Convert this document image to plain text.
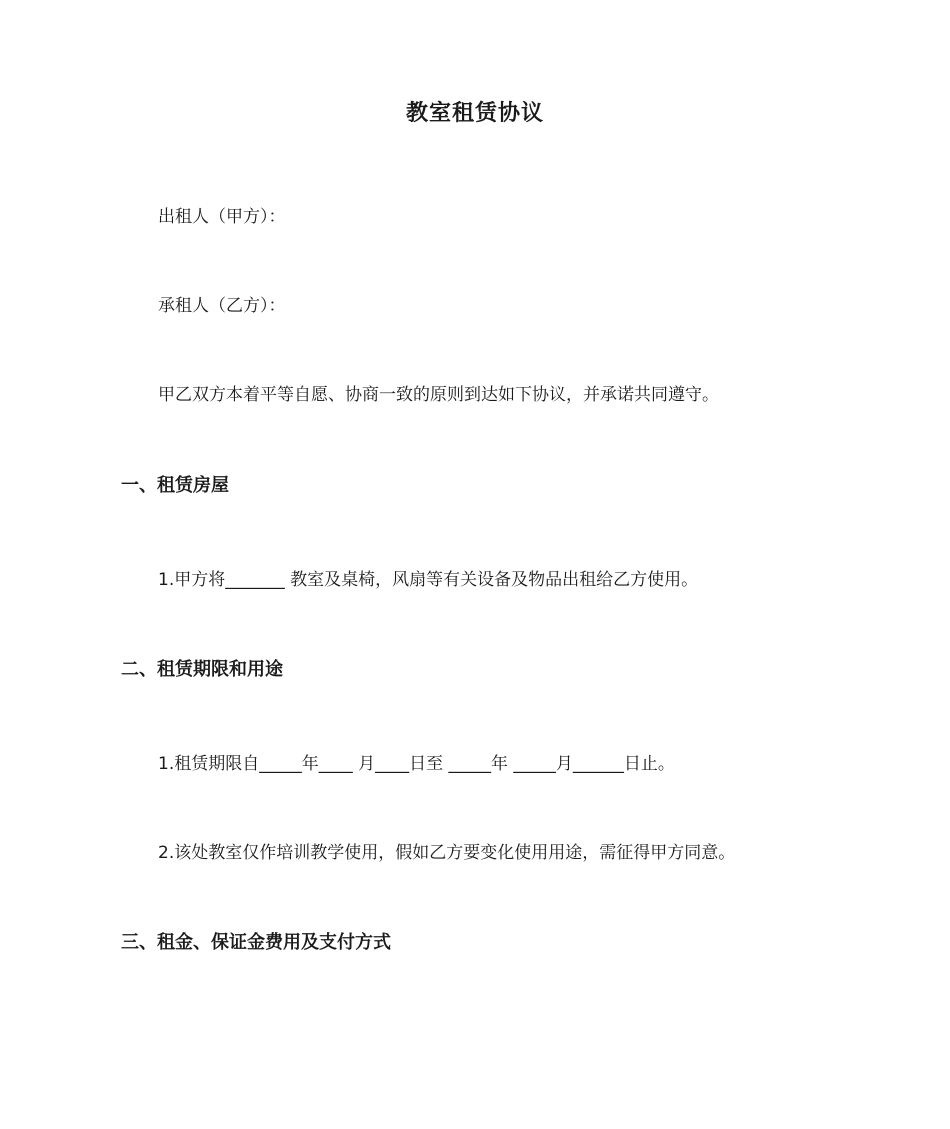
教室租赁协议
出租人（甲方）：
承租人（乙方）：
甲乙双方本着平等自愿、协商一致的原则到达如下协议，并承诺共同遵守。
一、租赁房屋
1.甲方将_______ 教室及桌椅，风扇等有关设备及物品出租给乙方使用。
二、租赁期限和用途
1.租赁期限自_____年____ 月____日至 _____年 _____月______日止。
2.该处教室仅作培训教学使用，假如乙方要变化使用用途，需征得甲方同意。
三、租金、保证金费用及支付方式
